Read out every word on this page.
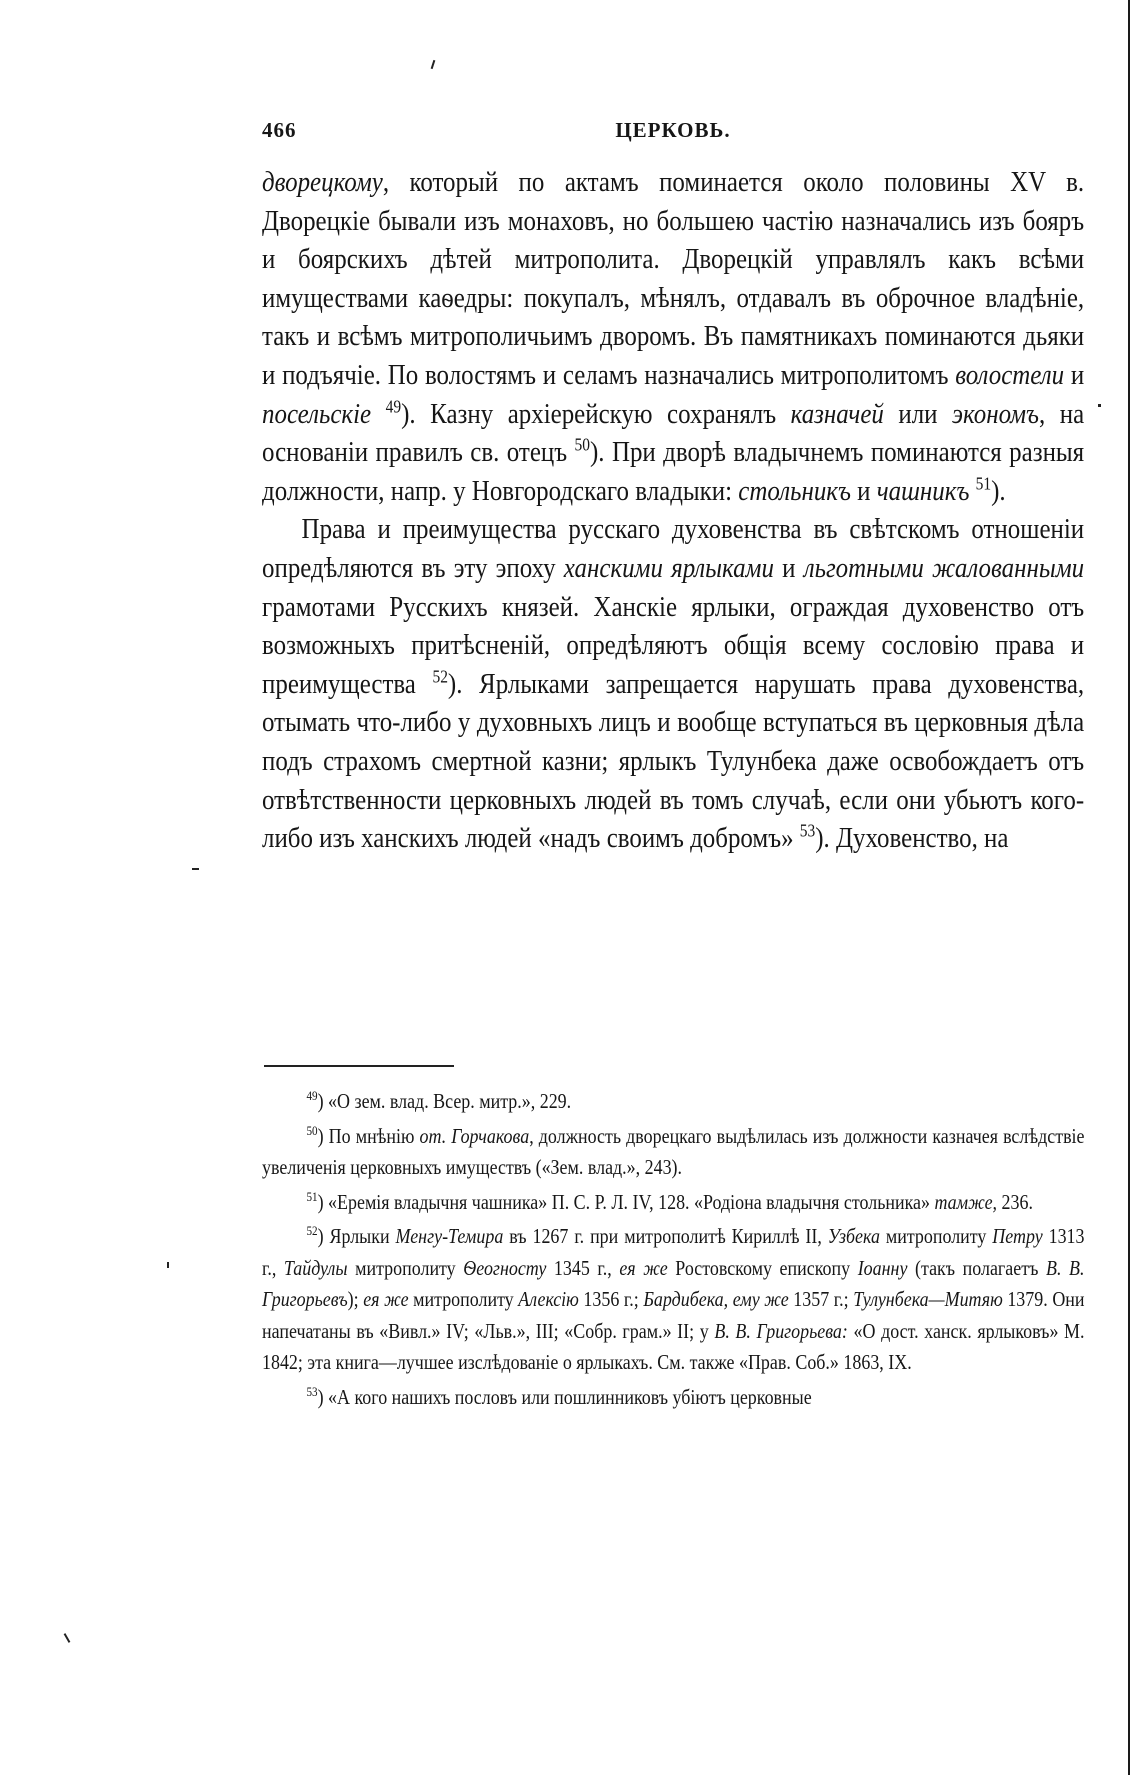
466	ЦЕРКОВЬ.

дворецкому, который по актамъ поминается около половины XV в. Дворецкіе бывали изъ монаховъ, но большею частію назначались изъ бояръ и боярскихъ дѣтей митрополита. Дворецкій управлялъ какъ всѣми имуществами каѳедры: покупалъ, мѣнялъ, отдавалъ въ оброчное владѣніе, такъ и всѣмъ митрополичьимъ дворомъ. Въ памятникахъ поминаются дьяки и подъячіе. По волостямъ и селамъ назначались митрополитомъ волостели и посельскіе $^{49}$). Казну архіерейскую сохранялъ казначей или экономъ, на основаніи правилъ св. отецъ $^{50}$). При дворѣ владычнемъ поминаются разныя должности, напр. у Новгородскаго владыки: стольникъ и чашникъ $^{51}$).

Права и преимущества русскаго духовенства въ свѣтскомъ отношеніи опредѣляются въ эту эпоху ханскими ярлыками и льготными жалованными грамотами Русскихъ князей. Ханскіе ярлыки, ограждая духовенство отъ возможныхъ притѣсненій, опредѣляютъ общія всему сословію права и преимущества $^{52}$). Ярлыками запрещается нарушать права духовенства, отымать что-либо у духовныхъ лицъ и вообще вступаться въ церковныя дѣла подъ страхомъ смертной казни; ярлыкъ Тулунбека даже освобождаетъ отъ отвѣтственности церковныхъ людей въ томъ случаѣ, если они убьютъ кого-либо изъ ханскихъ людей «надъ своимъ добромъ» $^{53}$). Духовенство, на

$^{49}$) «О зем. влад. Всер. митр.», 229.

$^{50}$) По мнѣнію от. Горчакова, должность дворецкаго выдѣлилась изъ должности казначея вслѣдствіе увеличенія церковныхъ имуществъ («Зем. влад.», 243).

$^{51}$) «Еремія владычня чашника» П. С. Р. Л. IV, 128. «Родіона владычня стольника» тамже, 236.

$^{52}$) Ярлыки Менгу-Темира въ 1267 г. при митрополитѣ Кириллѣ II, Узбека митрополиту Петру 1313 г., Тайдулы митрополиту Ѳеогносту 1345 г., ея же Ростовскому епископу Іоанну (такъ полагаетъ В. В. Григорьевъ); ея же митрополиту Алексію 1356 г.; Бардибека, ему же 1357 г.; Тулунбека—Митяю 1379. Они напечатаны въ «Вивл.» IV; «Льв.», III; «Собр. грам.» II; у В. В. Григорьева: «О дост. ханск. ярлыковъ» М. 1842; эта книга—лучшее изслѣдованіе о ярлыкахъ. См. также «Прав. Соб.» 1863, IX.

$^{53}$) «А кого нашихъ пословъ или пошлинниковъ убіютъ церковные
